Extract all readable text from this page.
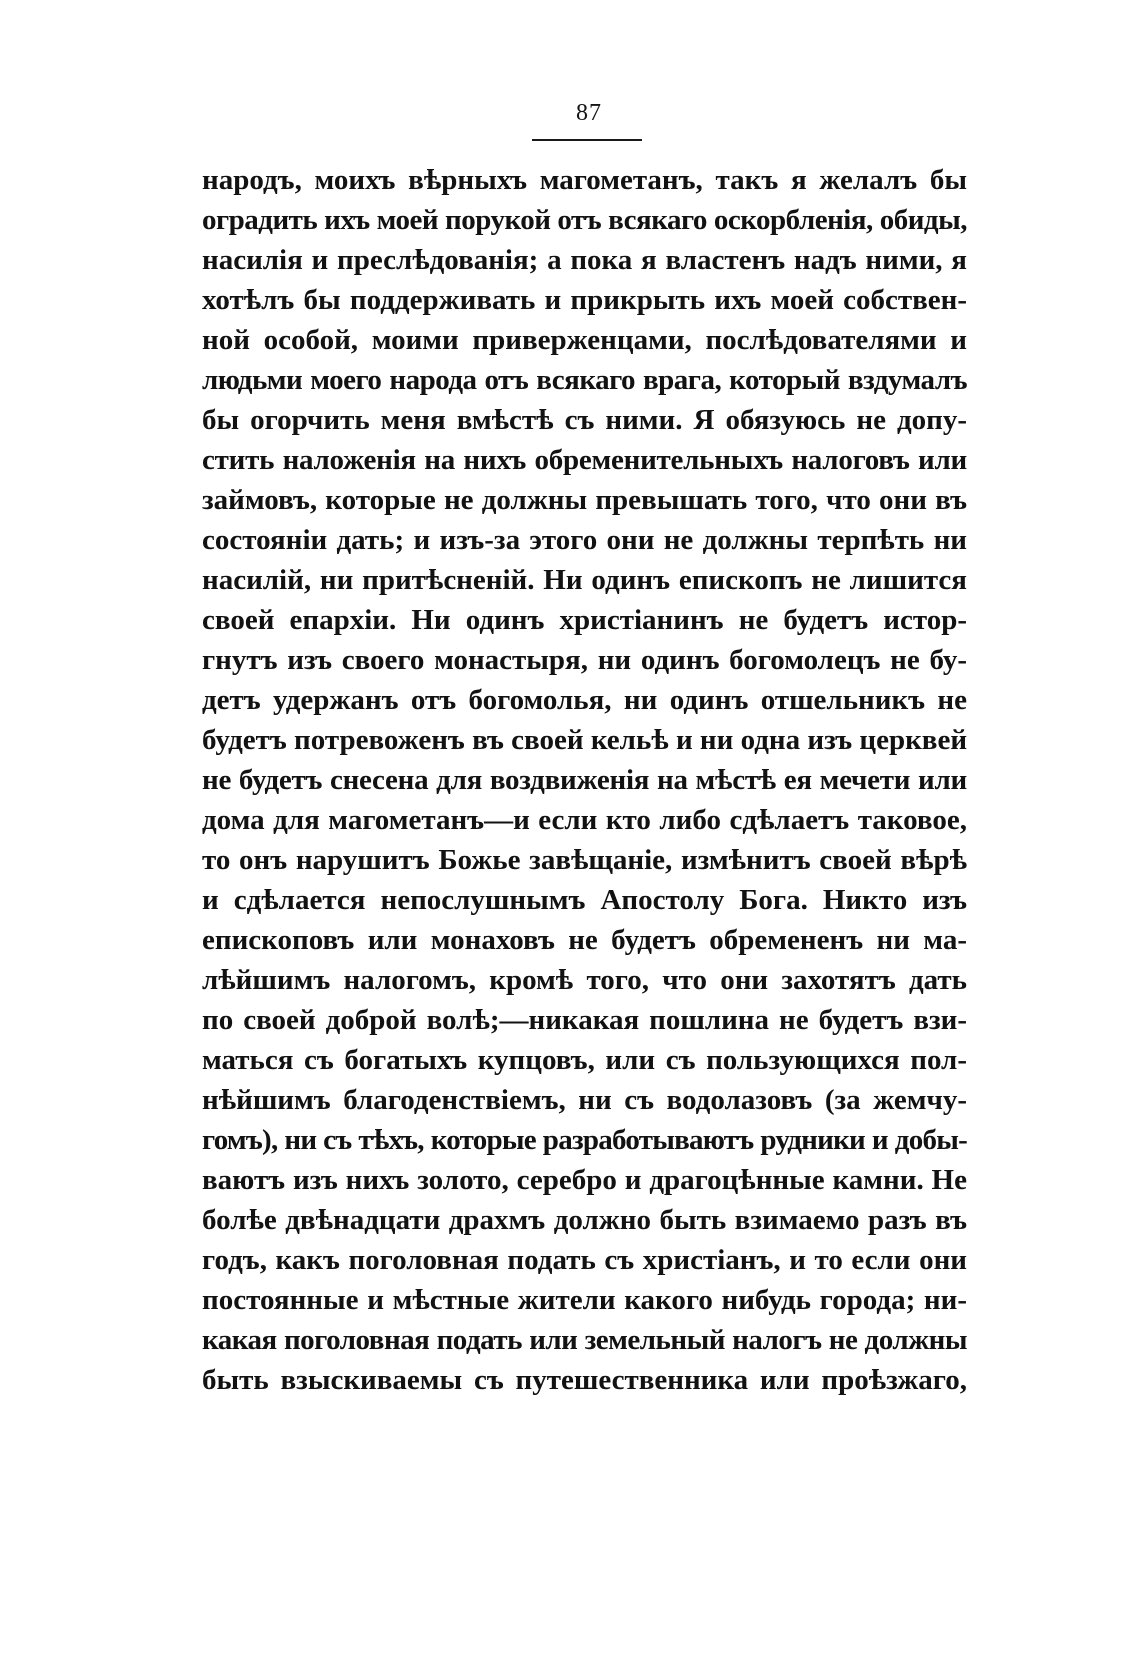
87
народъ, моихъ вѣрныхъ магометанъ, такъ я желалъ бы
оградить ихъ моей порукой отъ всякаго оскорбленія, обиды,
насилія и преслѣдованія; а пока я властенъ надъ ними, я
хотѣлъ бы поддерживать и прикрыть ихъ моей собствен-
ной особой, моими приверженцами, послѣдователями и
людьми моего народа отъ всякаго врага, который вздумалъ
бы огорчить меня вмѣстѣ съ ними. Я обязуюсь не допу-
стить наложенія на нихъ обременительныхъ налоговъ или
займовъ, которые не должны превышать того, что они въ
состояніи дать; и изъ-за этого они не должны терпѣть ни
насилій, ни притѣсненій. Ни одинъ епископъ не лишится
своей епархіи. Ни одинъ христіанинъ не будетъ истор-
гнутъ изъ своего монастыря, ни одинъ богомолецъ не бу-
детъ удержанъ отъ богомолья, ни одинъ отшельникъ не
будетъ потревоженъ въ своей кельѣ и ни одна изъ церквей
не будетъ снесена для воздвиженія на мѣстѣ ея мечети или
дома для магометанъ—и если кто либо сдѣлаетъ таковое,
то онъ нарушитъ Божье завѣщаніе, измѣнитъ своей вѣрѣ
и сдѣлается непослушнымъ Апостолу Бога. Никто изъ
епископовъ или монаховъ не будетъ обремененъ ни ма-
лѣйшимъ налогомъ, кромѣ того, что они захотятъ дать
по своей доброй волѣ;—никакая пошлина не будетъ взи-
маться съ богатыхъ купцовъ, или съ пользующихся пол-
нѣйшимъ благоденствіемъ, ни съ водолазовъ (за жемчу-
гомъ), ни съ тѣхъ, которые разработываютъ рудники и добы-
ваютъ изъ нихъ золото, серебро и драгоцѣнные камни. Не
болѣе двѣнадцати драхмъ должно быть взимаемо разъ въ
годъ, какъ поголовная подать съ христіанъ, и то если они
постоянные и мѣстные жители какого нибудь города; ни-
какая поголовная подать или земельный налогъ не должны
быть взыскиваемы съ путешественника или проѣзжаго,
